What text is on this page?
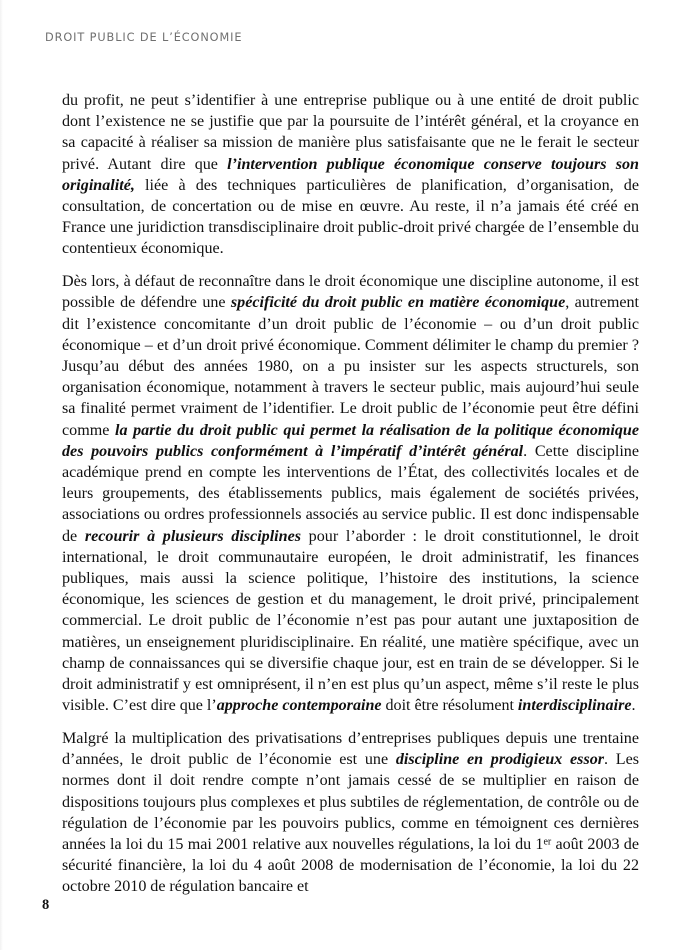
DROIT PUBLIC DE L’ÉCONOMIE

du profit, ne peut s’identifier à une entreprise publique ou à une entité de droit public dont l’existence ne se justifie que par la poursuite de l’intérêt général, et la croyance en sa capacité à réaliser sa mission de manière plus satisfaisante que ne le ferait le secteur privé. Autant dire que l’intervention publique économique conserve toujours son originalité, liée à des techniques particulières de planification, d’organisation, de consultation, de concertation ou de mise en œuvre. Au reste, il n’a jamais été créé en France une juridiction transdisciplinaire droit public-droit privé chargée de l’ensemble du contentieux économique.

Dès lors, à défaut de reconnaître dans le droit économique une discipline autonome, il est possible de défendre une spécificité du droit public en matière économique, autrement dit l’existence concomitante d’un droit public de l’économie – ou d’un droit public économique – et d’un droit privé économique. Comment délimiter le champ du premier ? Jusqu’au début des années 1980, on a pu insister sur les aspects structurels, son organisation économique, notamment à travers le secteur public, mais aujourd’hui seule sa finalité permet vraiment de l’identifier. Le droit public de l’économie peut être défini comme la partie du droit public qui permet la réalisation de la politique économique des pouvoirs publics conformément à l’impératif d’intérêt général. Cette discipline académique prend en compte les interventions de l’État, des collectivités locales et de leurs groupements, des établissements publics, mais également de sociétés privées, associations ou ordres professionnels associés au service public. Il est donc indispensable de recourir à plusieurs disciplines pour l’aborder : le droit constitutionnel, le droit international, le droit communautaire européen, le droit administratif, les finances publiques, mais aussi la science politique, l’histoire des institutions, la science économique, les sciences de gestion et du management, le droit privé, principalement commercial. Le droit public de l’économie n’est pas pour autant une juxtaposition de matières, un enseignement pluridisciplinaire. En réalité, une matière spécifique, avec un champ de connaissances qui se diversifie chaque jour, est en train de se développer. Si le droit administratif y est omniprésent, il n’en est plus qu’un aspect, même s’il reste le plus visible. C’est dire que l’approche contemporaine doit être résolument interdisciplinaire.

Malgré la multiplication des privatisations d’entreprises publiques depuis une trentaine d’années, le droit public de l’économie est une discipline en prodigieux essor. Les normes dont il doit rendre compte n’ont jamais cessé de se multiplier en raison de dispositions toujours plus complexes et plus subtiles de réglementation, de contrôle ou de régulation de l’économie par les pouvoirs publics, comme en témoignent ces dernières années la loi du 15 mai 2001 relative aux nouvelles régulations, la loi du 1er août 2003 de sécurité financière, la loi du 4 août 2008 de modernisation de l’économie, la loi du 22 octobre 2010 de régulation bancaire et

8
